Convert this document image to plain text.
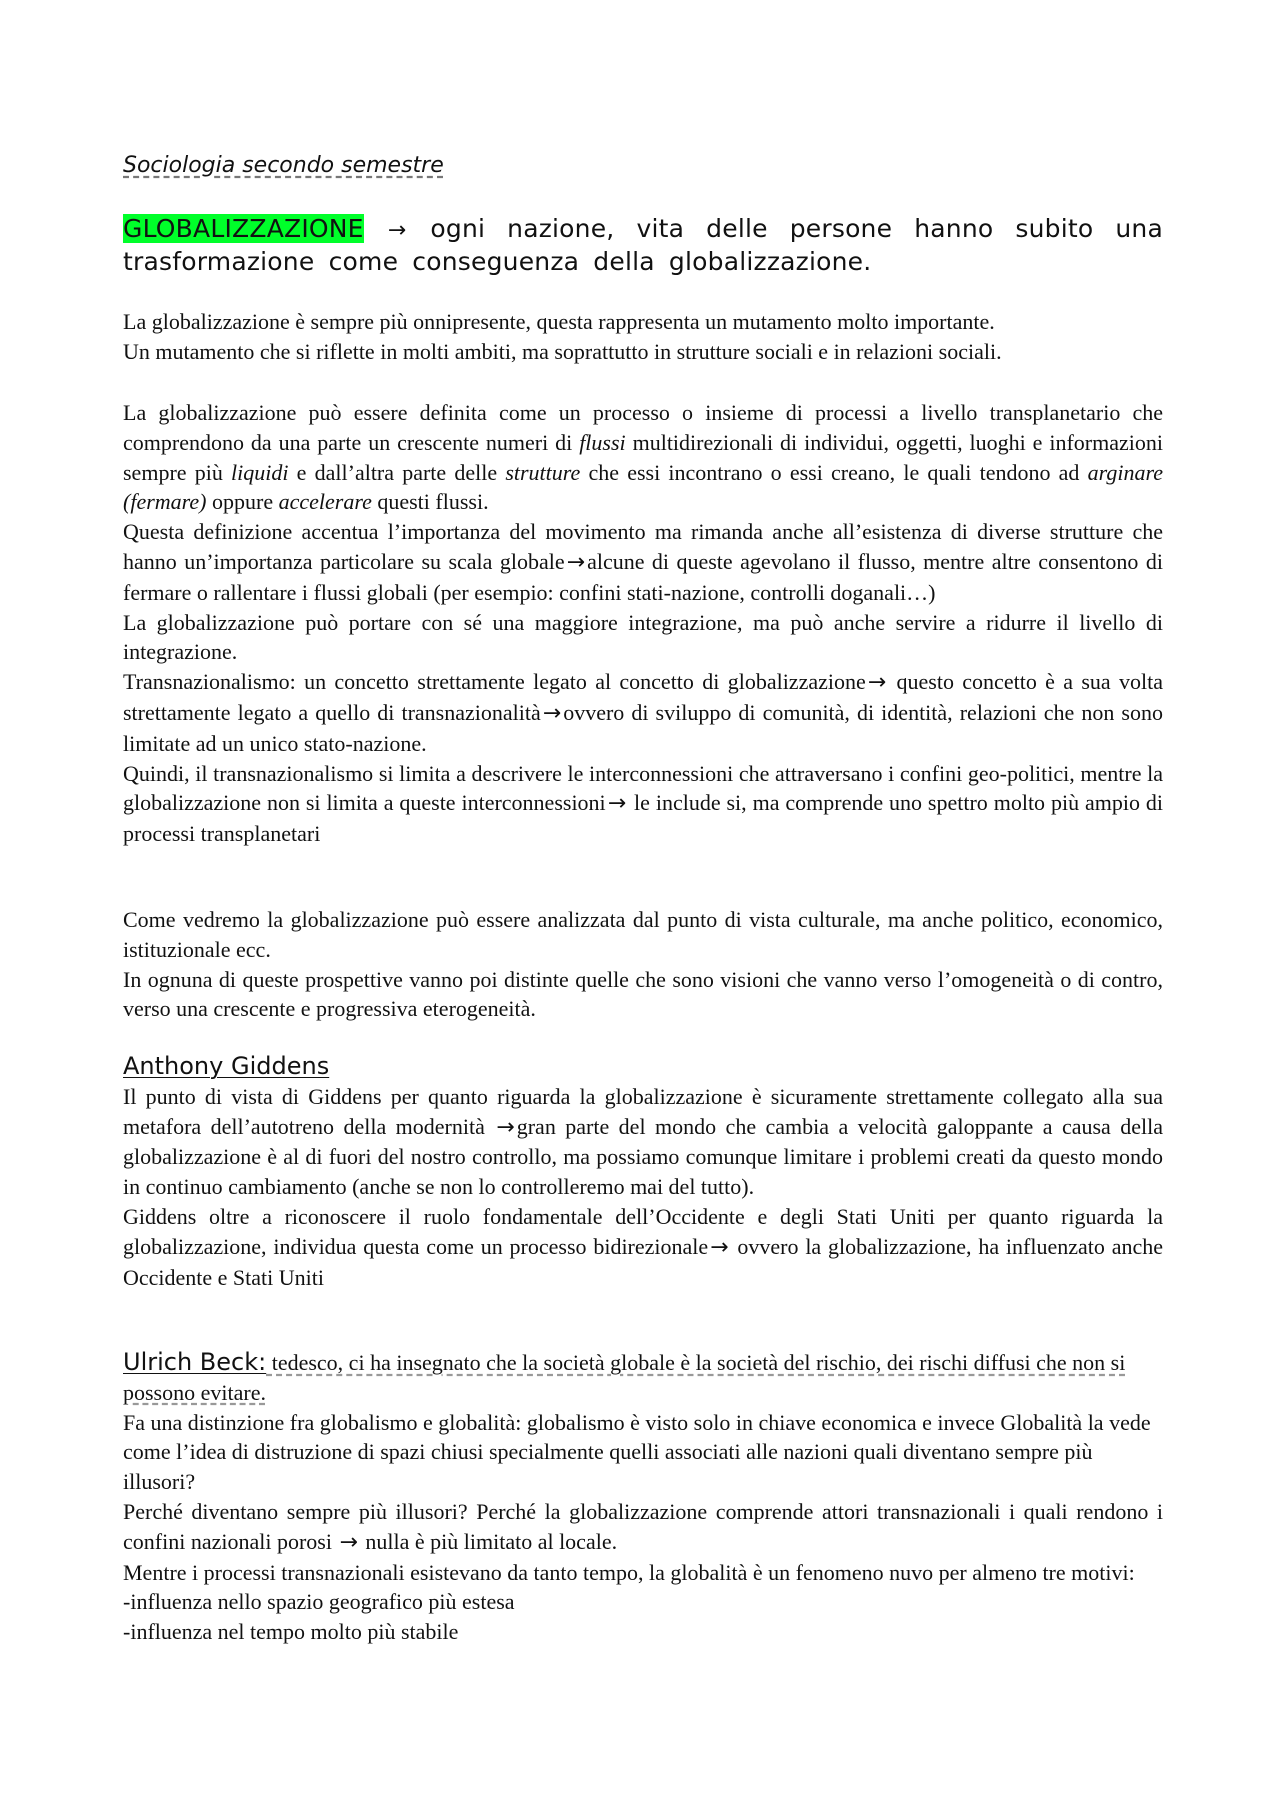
Sociologia secondo semestre
GLOBALIZZAZIONE → ogni nazione, vita delle persone hanno subito una trasformazione come conseguenza della globalizzazione.

La globalizzazione è sempre più onnipresente, questa rappresenta un mutamento molto importante.

Un mutamento che si riflette in molti ambiti, ma soprattutto in strutture sociali e in relazioni sociali.

La globalizzazione può essere definita come un processo o insieme di processi a livello transplanetario che comprendono da una parte un crescente numeri di flussi multidirezionali di individui, oggetti, luoghi e informazioni sempre più liquidi e dall’altra parte delle strutture che essi incontrano o essi creano, le quali tendono ad arginare (fermare) oppure accelerare questi flussi.

Questa definizione accentua l’importanza del movimento ma rimanda anche all’esistenza di diverse strutture che hanno un’importanza particolare su scala globale→alcune di queste agevolano il flusso, mentre altre consentono di fermare o rallentare i flussi globali (per esempio: confini stati-nazione, controlli doganali…)

La globalizzazione può portare con sé una maggiore integrazione, ma può anche servire a ridurre il livello di integrazione.

Transnazionalismo: un concetto strettamente legato al concetto di globalizzazione→ questo concetto è a sua volta strettamente legato a quello di transnazionalità→ovvero di sviluppo di comunità, di identità, relazioni che non sono limitate ad un unico stato-nazione.

Quindi, il transnazionalismo si limita a descrivere le interconnessioni che attraversano i confini geo-politici, mentre la globalizzazione non si limita a queste interconnessioni→ le include si, ma comprende uno spettro molto più ampio di processi transplanetari

Come vedremo la globalizzazione può essere analizzata dal punto di vista culturale, ma anche politico, economico, istituzionale ecc.

In ognuna di queste prospettive vanno poi distinte quelle che sono visioni che vanno verso l’omogeneità o di contro, verso una crescente e progressiva eterogeneità.

Anthony Giddens

Il punto di vista di Giddens per quanto riguarda la globalizzazione è sicuramente strettamente collegato alla sua metafora dell’autotreno della modernità →gran parte del mondo che cambia a velocità galoppante a causa della globalizzazione è al di fuori del nostro controllo, ma possiamo comunque limitare i problemi creati da questo mondo in continuo cambiamento (anche se non lo controlleremo mai del tutto).

Giddens oltre a riconoscere il ruolo fondamentale dell’Occidente e degli Stati Uniti per quanto riguarda la globalizzazione, individua questa come un processo bidirezionale→ ovvero la globalizzazione, ha influenzato anche Occidente e Stati Uniti

Ulrich Beck: tedesco, ci ha insegnato che la società globale è la società del rischio, dei rischi diffusi che non si possono evitare.

Fa una distinzione fra globalismo e globalità: globalismo è visto solo in chiave economica e invece Globalità la vede come l’idea di distruzione di spazi chiusi specialmente quelli associati alle nazioni quali diventano sempre più illusori?

Perché diventano sempre più illusori? Perché la globalizzazione comprende attori transnazionali i quali rendono i confini nazionali porosi → nulla è più limitato al locale.

Mentre i processi transnazionali esistevano da tanto tempo, la globalità è un fenomeno nuvo per almeno tre motivi:

-influenza nello spazio geografico più estesa

-influenza nel tempo molto più stabile
